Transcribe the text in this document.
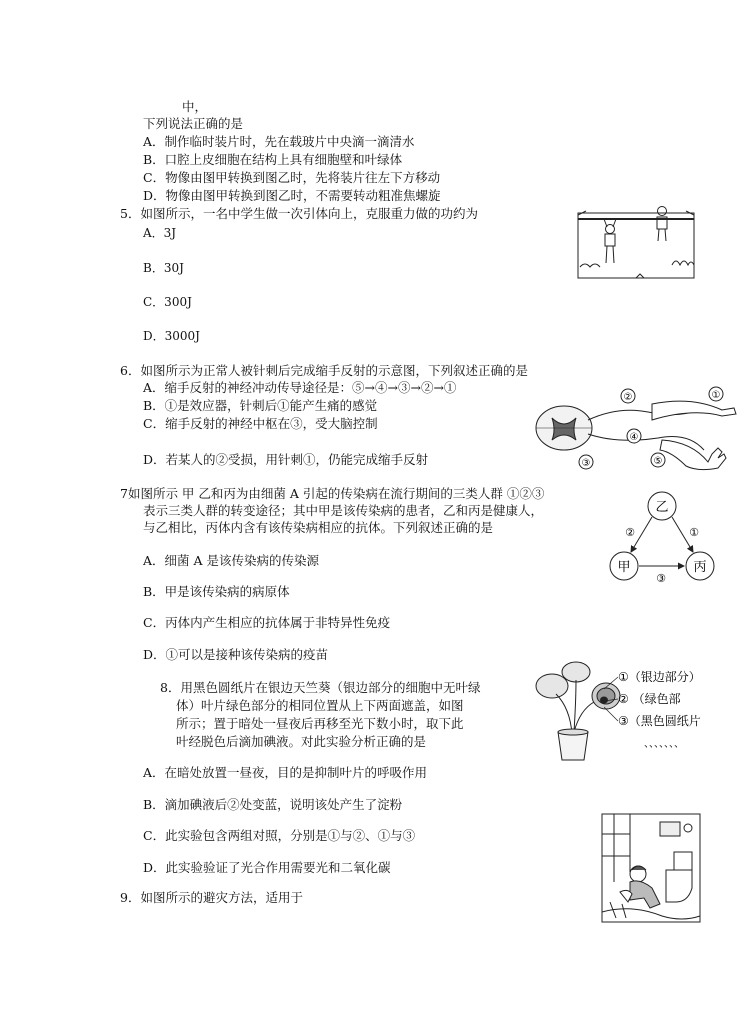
中，
下列说法正确的是
A．制作临时装片时，先在载玻片中央滴一滴清水
B．口腔上皮细胞在结构上具有细胞壁和叶绿体
C．物像由图甲转换到图乙时，先将装片往左下方移动
D．物像由图甲转换到图乙时，不需要转动粗准焦螺旋
5．如图所示，一名中学生做一次引体向上，克服重力做的功约为
A．3J
B．30J
C．300J
D．3000J
6．如图所示为正常人被针刺后完成缩手反射的示意图，下列叙述正确的是
A．缩手反射的神经冲动传导途径是：⑤→④→③→②→①
B．①是效应器，针刺后①能产生痛的感觉
C．缩手反射的神经中枢在③，受大脑控制
D．若某人的②受损，用针刺①，仍能完成缩手反射
②	①
④
③	⑤
7如图所示 甲 乙和丙为由细菌 A 引起的传染病在流行期间的三类人群 ①②③
表示三类人群的转变途径；其中甲是该传染病的患者，乙和丙是健康人，
与乙相比，丙体内含有该传染病相应的抗体。下列叙述正确的是
A．细菌 A 是该传染病的传染源
B．甲是该传染病的病原体
C．丙体内产生相应的抗体属于非特异性免疫
D．①可以是接种该传染病的疫苗
乙
甲	丙
②	①
③
8．用黑色圆纸片在银边天竺葵（银边部分的细胞中无叶绿
体）叶片绿色部分的相同位置从上下两面遮盖，如图
所示；置于暗处一昼夜后再移至光下数小时，取下此
叶经脱色后滴加碘液。对此实验分析正确的是
A．在暗处放置一昼夜，目的是抑制叶片的呼吸作用
B．滴加碘液后②处变蓝，说明该处产生了淀粉
C．此实验包含两组对照，分别是①与②、①与③
D．此实验验证了光合作用需要光和二氧化碳
①（银边部分）
② （绿色部
③（黑色圆纸片
、、、、、、、
9．如图所示的避灾方法，适用于
